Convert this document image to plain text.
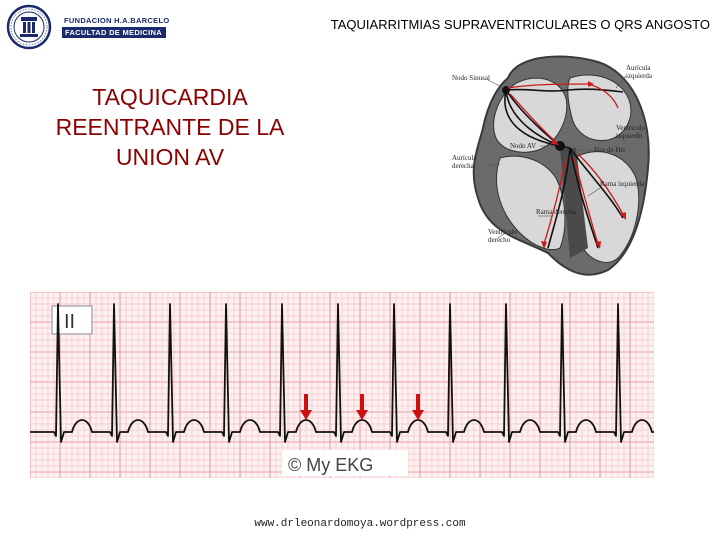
FUNDACION H.A.BARCELO
FACULTAD DE MEDICINA
TAQUIARRITMIAS SUPRAVENTRICULARES O QRS ANGOSTO
TAQUICARDIA
REENTRANTE DE LA
UNION AV
Nodo Sinusal
Aurícula
izquierda
Ventrículo
izquierdo
Nodo AV	Haz de His
Aurícula
derecha
Rama izquierda
Rama derecha
Ventrículo
derecho
II
© My EKG
www.drleonardomoya.wordpress.com
